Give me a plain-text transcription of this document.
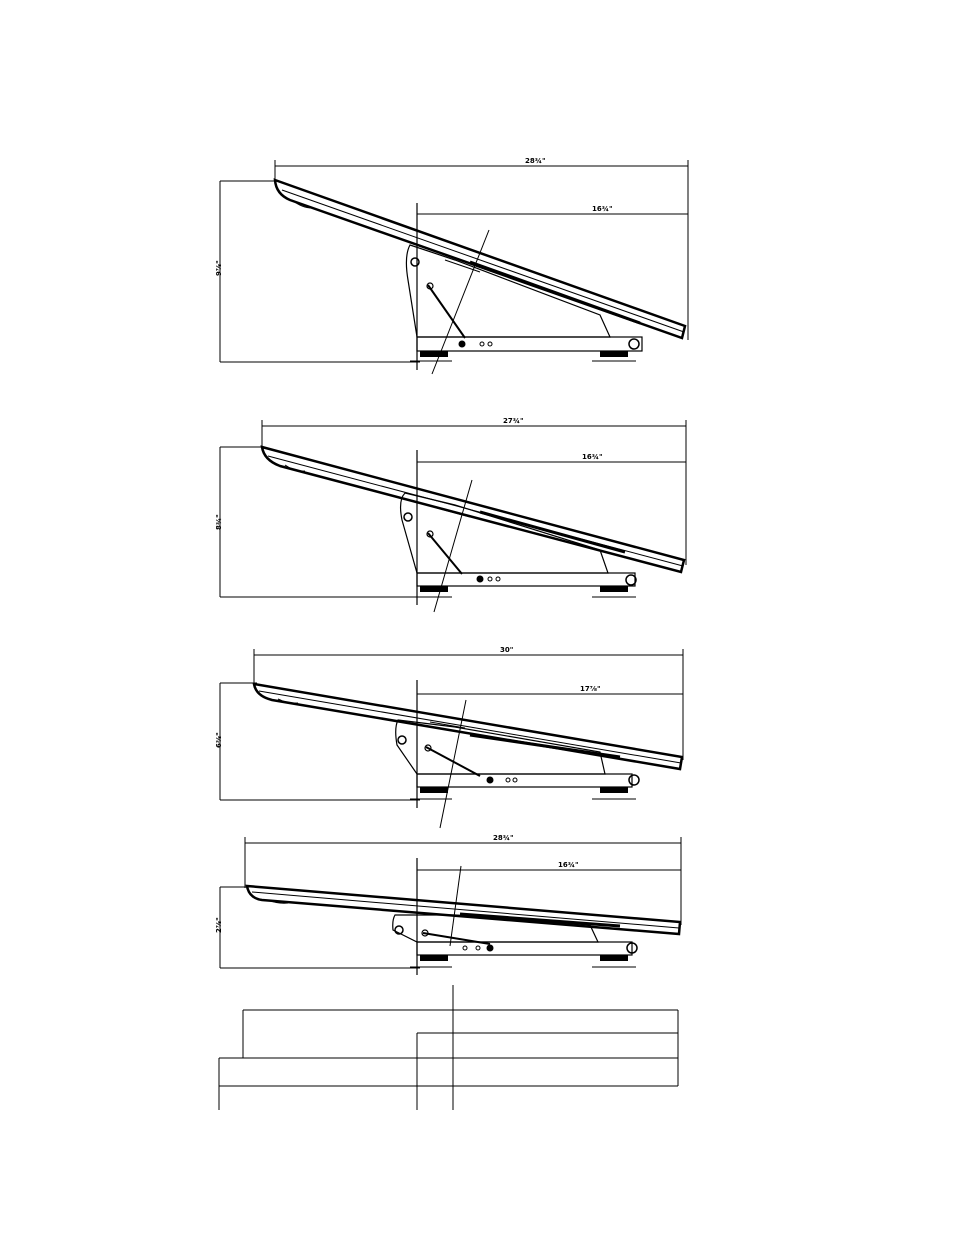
28¾"
16¾"
9⅞"
27¾"
16¾"
8¾"
30"
17⅞"
6⅜"
28¾"
16¾"
2⅞"
